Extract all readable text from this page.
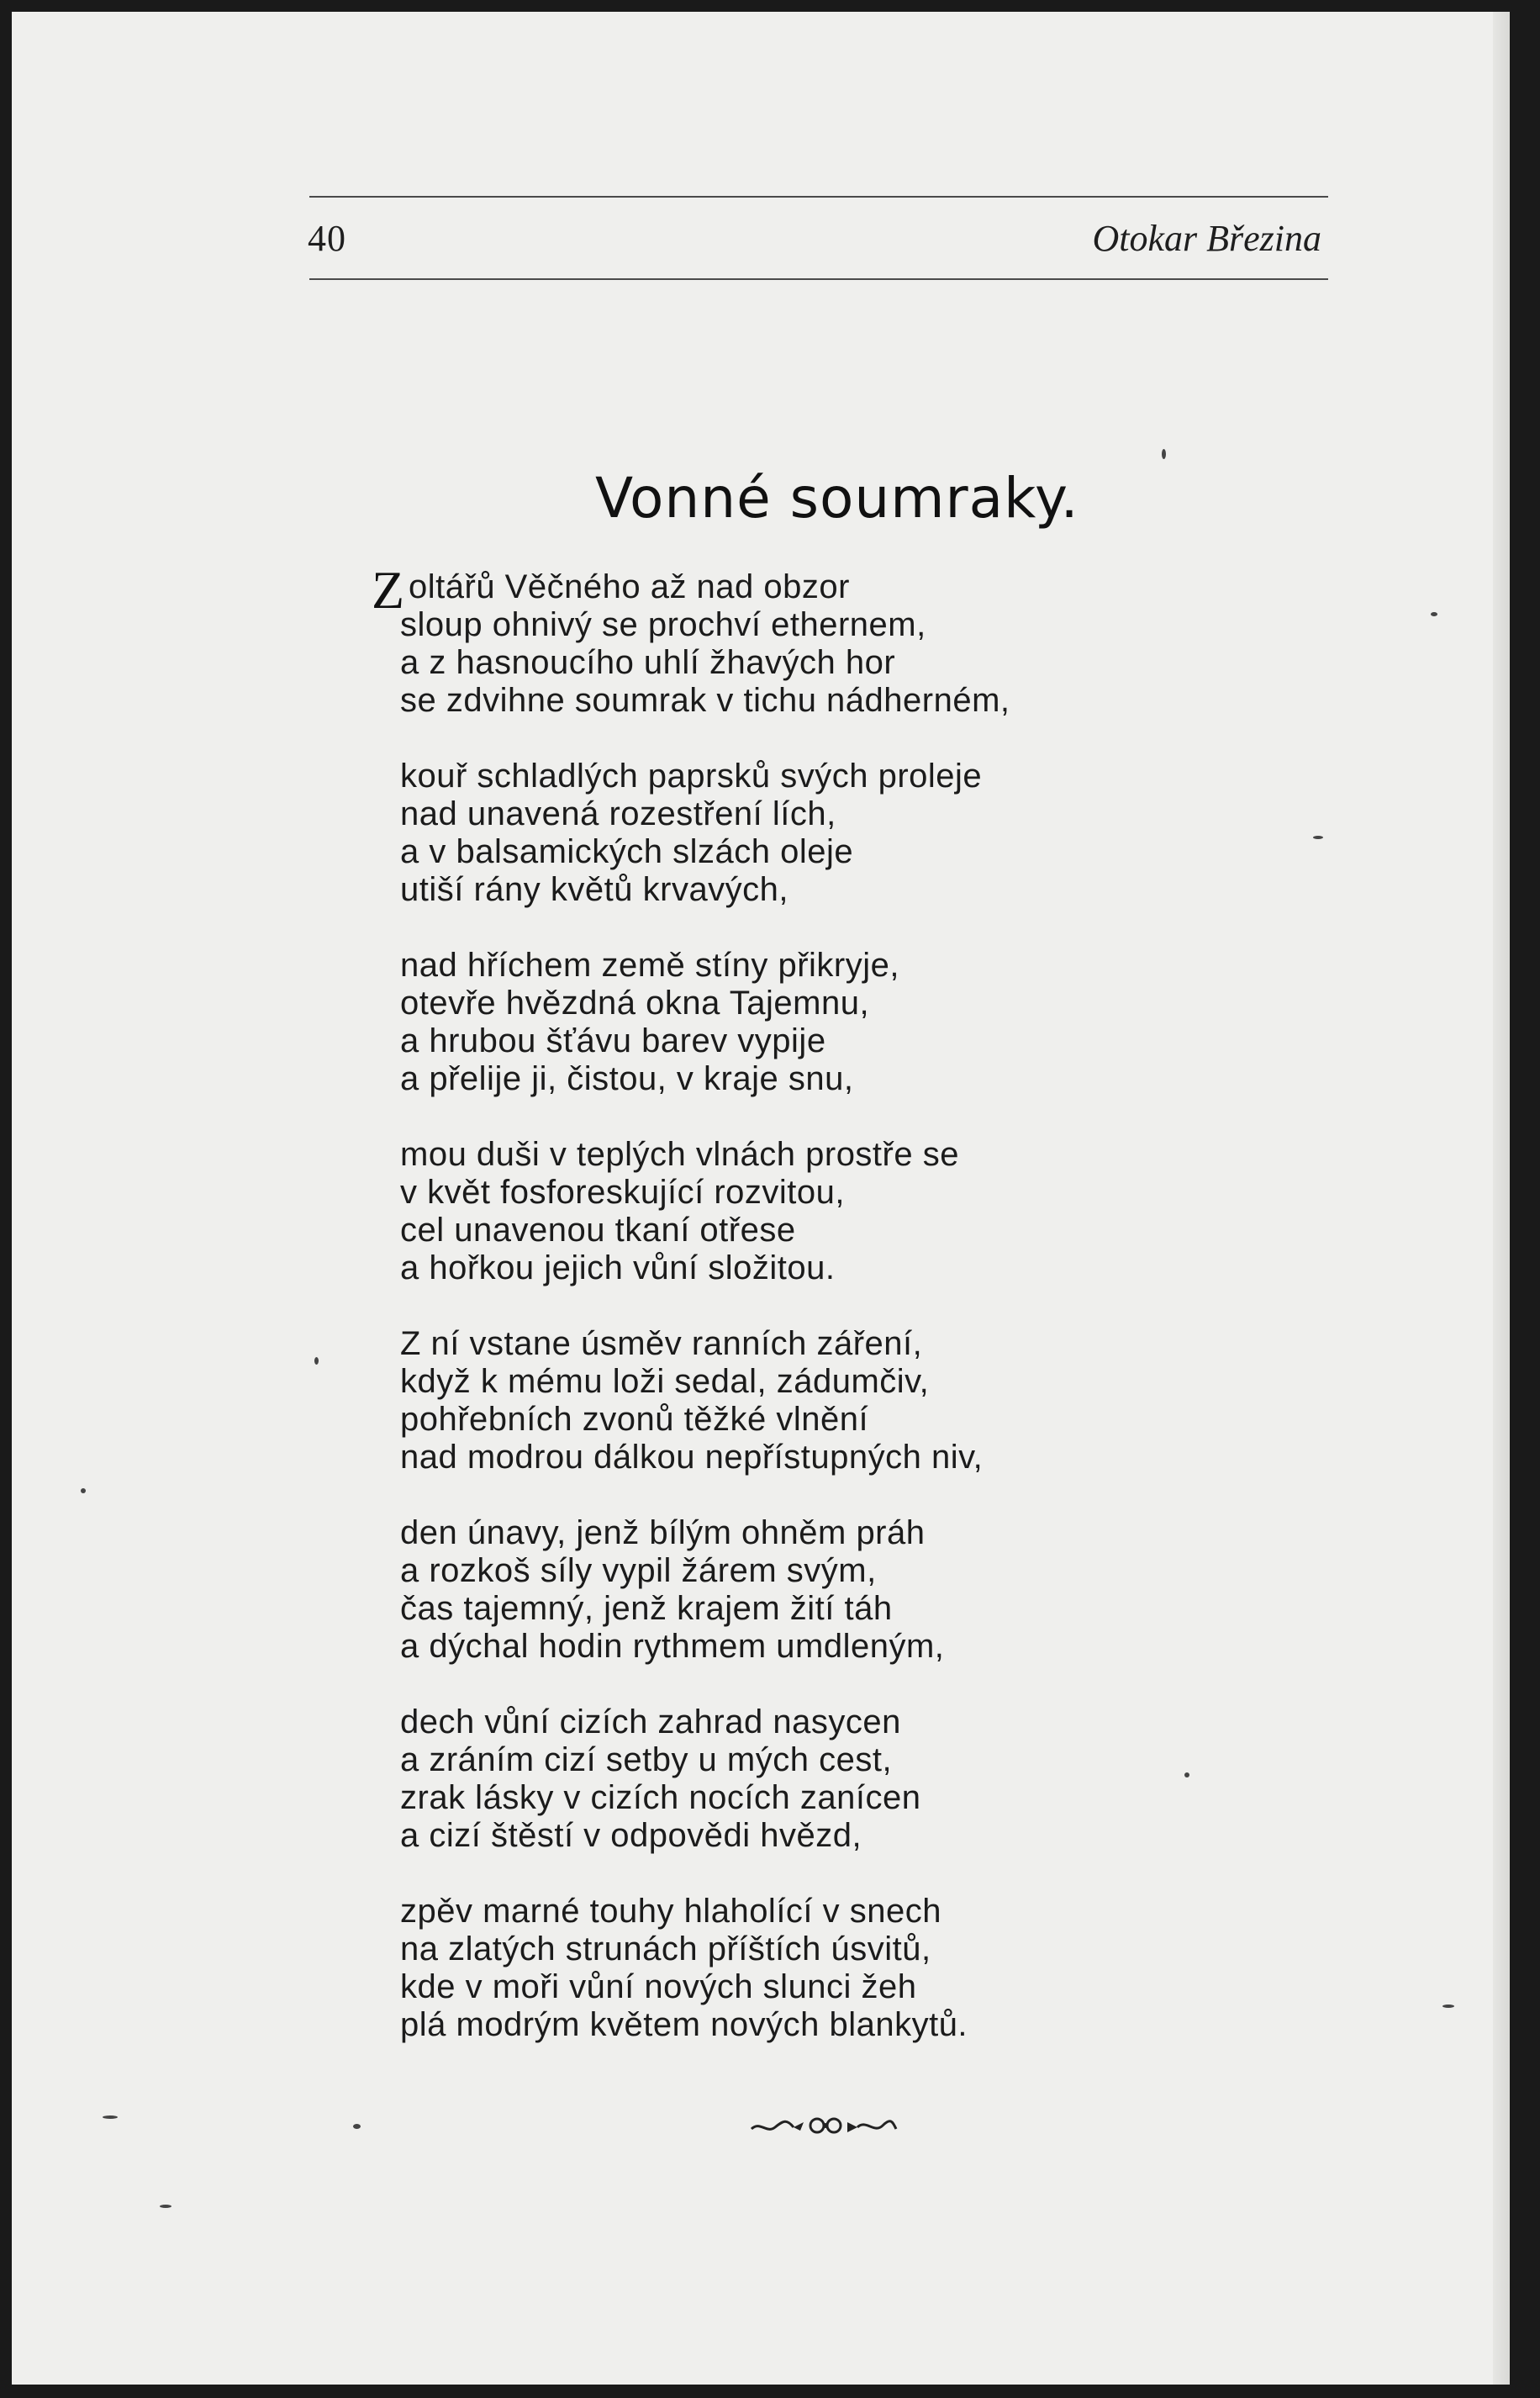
40	Otokar Březina
Vonné soumraky.
Z oltářů Věčného až nad obzor
sloup ohnivý se prochví ethernem,
a z hasnoucího uhlí žhavých hor
se zdvihne soumrak v tichu nádherném,
kouř schladlých paprsků svých proleje
nad unavená rozestření lích,
a v balsamických slzách oleje
utiší rány květů krvavých,
nad hříchem země stíny přikryje,
otevře hvězdná okna Tajemnu,
a hrubou šťávu barev vypije
a přelije ji, čistou, v kraje snu,
mou duši v teplých vlnách prostře se
v květ fosforeskující rozvitou,
cel unavenou tkaní otřese
a hořkou jejich vůní složitou.
Z ní vstane úsměv ranních záření,
když k mému loži sedal, zádumčiv,
pohřebních zvonů těžké vlnění
nad modrou dálkou nepřístupných niv,
den únavy, jenž bílým ohněm práh
a rozkoš síly vypil žárem svým,
čas tajemný, jenž krajem žití táh
a dýchal hodin rythmem umdleným,
dech vůní cizích zahrad nasycen
a zráním cizí setby u mých cest,
zrak lásky v cizích nocích zanícen
a cizí štěstí v odpovědi hvězd,
zpěv marné touhy hlaholící v snech
na zlatých strunách příštích úsvitů,
kde v moři vůní nových slunci žeh
plá modrým květem nových blankytů.
